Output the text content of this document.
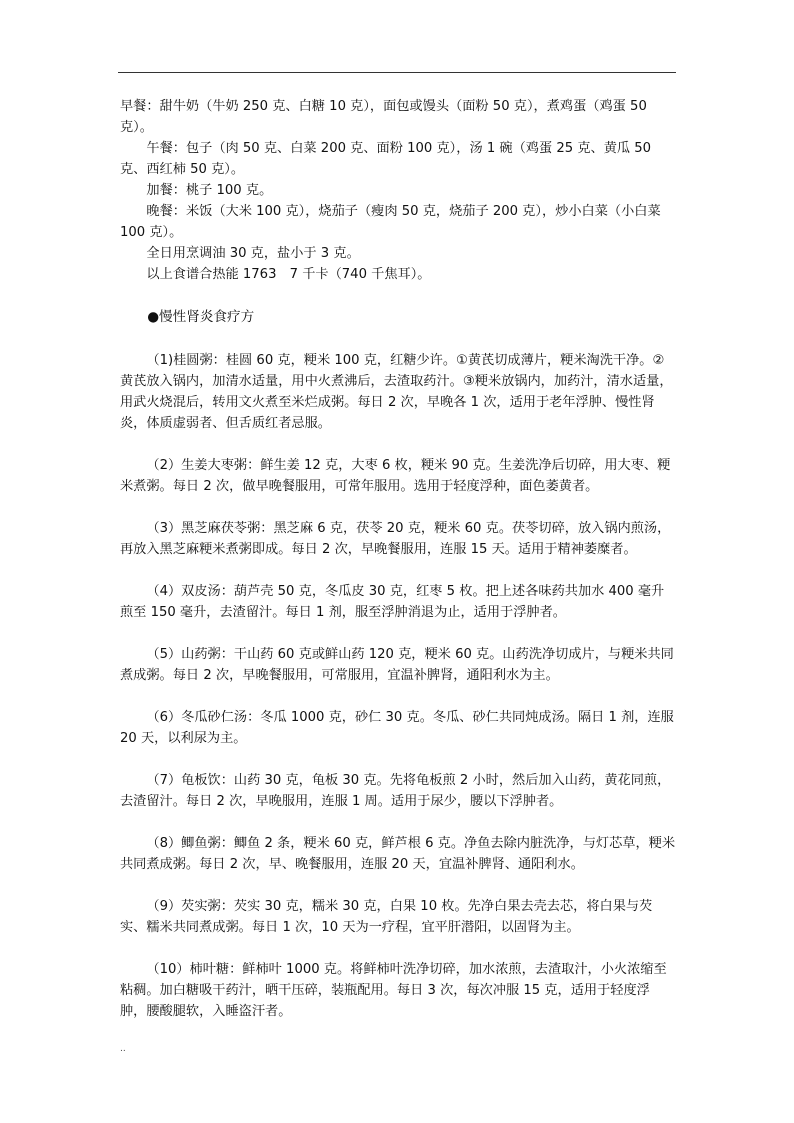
早餐：甜牛奶（牛奶 250 克、白糖 10 克），面包或馒头（面粉 50 克），煮鸡蛋（鸡蛋 50 克）。

午餐：包子（肉 50 克、白菜 200 克、面粉 100 克），汤 1 碗（鸡蛋 25 克、黄瓜 50 克、西红柿 50 克）。

加餐：桃子 100 克。

晚餐：米饭（大米 100 克），烧茄子（瘦肉 50 克，烧茄子 200 克），炒小白菜（小白菜 100 克）。

全日用烹调油 30 克，盐小于 3 克。

以上食谱合热能 1763　7 千卡（740 千焦耳）。

●慢性肾炎食疗方

（1)桂圆粥：桂圆 60 克，粳米 100 克，红糖少许。①黄芪切成薄片，粳米淘洗干净。②黄芪放入锅内，加清水适量，用中火煮沸后，去渣取药汁。③粳米放锅内，加药汁，清水适量，用武火烧混后，转用文火煮至米烂成粥。每日 2 次，早晚各 1 次，适用于老年浮肿、慢性肾炎，体质虚弱者、但舌质红者忌服。

（2）生姜大枣粥：鲜生姜 12 克，大枣 6 枚，粳米 90 克。生姜洗净后切碎，用大枣、粳米煮粥。每日 2 次，做早晚餐服用，可常年服用。选用于轻度浮种，面色萎黄者。

（3）黑芝麻茯苓粥：黑芝麻 6 克，茯苓 20 克，粳米 60 克。茯苓切碎，放入锅内煎汤，再放入黑芝麻粳米煮粥即成。每日 2 次，早晚餐服用，连服 15 天。适用于精神萎糜者。

（4）双皮汤：葫芦壳 50 克，冬瓜皮 30 克，红枣 5 枚。把上述各味药共加水 400 毫升煎至 150 毫升，去渣留汁。每日 1 剂，服至浮肿消退为止，适用于浮肿者。

（5）山药粥：干山药 60 克或鲜山药 120 克，粳米 60 克。山药洗净切成片，与粳米共同煮成粥。每日 2 次，早晚餐服用，可常服用，宜温补脾肾，通阳利水为主。

（6）冬瓜砂仁汤：冬瓜 1000 克，砂仁 30 克。冬瓜、砂仁共同炖成汤。隔日 1 剂，连服 20 天，以利尿为主。

（7）龟板饮：山药 30 克，龟板 30 克。先将龟板煎 2 小时，然后加入山药，黄花同煎，去渣留汁。每日 2 次，早晚服用，连服 1 周。适用于尿少，腰以下浮肿者。

（8）鲫鱼粥：鲫鱼 2 条，粳米 60 克，鲜芦根 6 克。净鱼去除内脏洗净，与灯芯草，粳米共同煮成粥。每日 2 次，早、晚餐服用，连服 20 天，宜温补脾肾、通阳利水。

（9）芡实粥：芡实 30 克，糯米 30 克，白果 10 枚。先净白果去壳去芯，将白果与芡实、糯米共同煮成粥。每日 1 次，10 天为一疗程，宜平肝潜阳，以固肾为主。

（10）柿叶糖：鲜柿叶 1000 克。将鲜柿叶洗净切碎，加水浓煎，去渣取汁，小火浓缩至粘稠。加白糖吸干药汁，晒干压碎，装瓶配用。每日 3 次，每次冲服 15 克，适用于轻度浮肿，腰酸腿软，入睡盗汗者。

..
